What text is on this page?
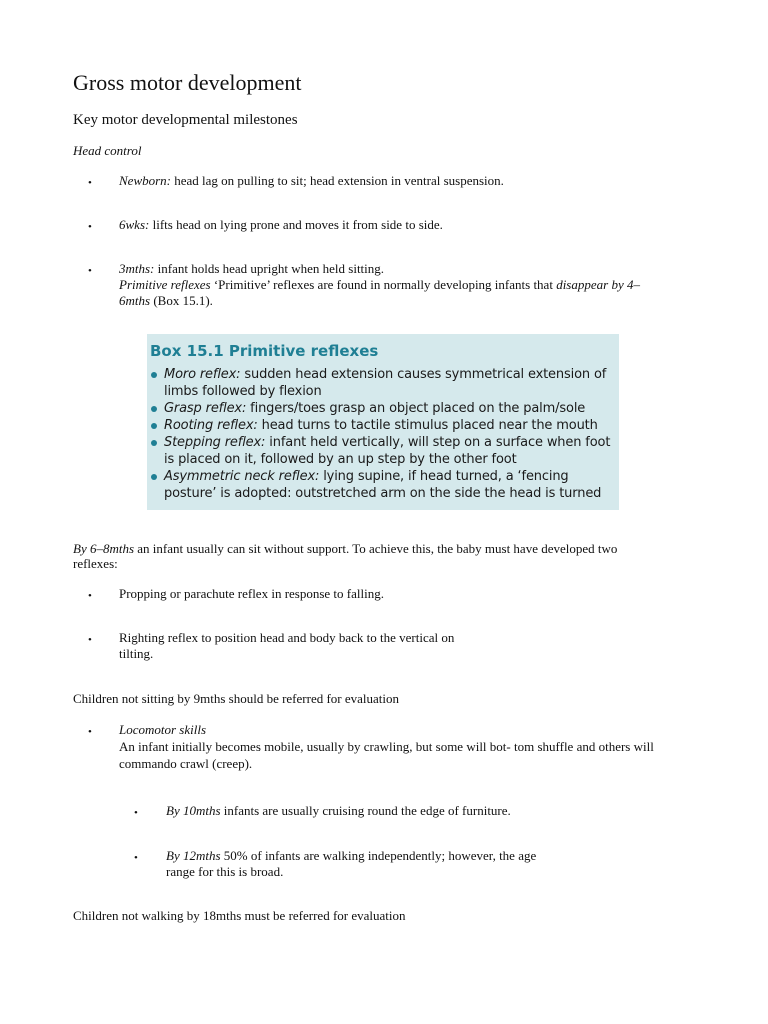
Gross motor development
Key motor developmental milestones
Head control
• Newborn: head lag on pulling to sit; head extension in ventral suspension.
• 6wks: lifts head on lying prone and moves it from side to side.
• 3mths: infant holds head upright when held sitting.
Primitive reflexes ‘Primitive’ reflexes are found in normally developing infants that disappear by 4–
6mths (Box 15.1).
Box 15.1 Primitive reflexes
Moro reflex: sudden head extension causes symmetrical extension of
limbs followed by flexion
Grasp reflex: fingers/toes grasp an object placed on the palm/sole
Rooting reflex: head turns to tactile stimulus placed near the mouth
Stepping reflex: infant held vertically, will step on a surface when foot
is placed on it, followed by an up step by the other foot
Asymmetric neck reflex: lying supine, if head turned, a ‘fencing
posture’ is adopted: outstretched arm on the side the head is turned
By 6–8mths an infant usually can sit without support. To achieve this, the baby must have developed two
reflexes:
• Propping or parachute reflex in response to falling.
• Righting reflex to position head and body back to the vertical on
tilting.
Children not sitting by 9mths should be referred for evaluation
• Locomotor skills
An infant initially becomes mobile, usually by crawling, but some will bot- tom shuffle and others will
commando crawl (creep).
• By 10mths infants are usually cruising round the edge of furniture.
• By 12mths 50% of infants are walking independently; however, the age
range for this is broad.
Children not walking by 18mths must be referred for evaluation
